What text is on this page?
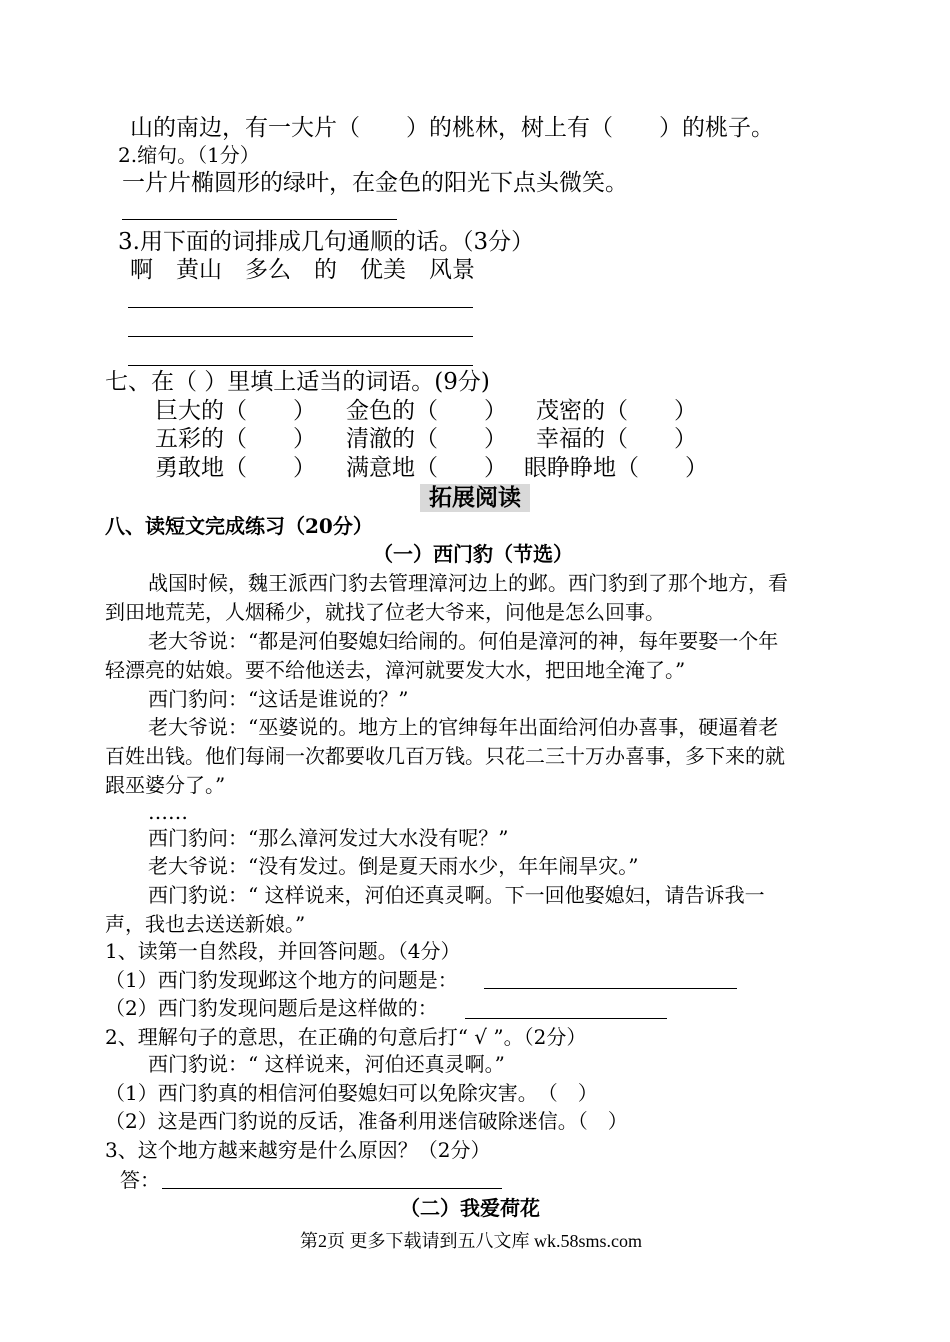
山的南边，有一大片（　　）的桃林，树上有（　　）的桃子。
2.缩句。（1分）
一片片椭圆形的绿叶，在金色的阳光下点头微笑。
3.用下面的词排成几句通顺的话。（3分）
啊　黄山　多么　的　优美　风景
七、在（ ）里填上适当的词语。(9分)
巨大的（　　） 金色的（　　） 茂密的（　　）
五彩的（　　） 清澈的（　　） 幸福的（　　）
勇敢地（　　） 满意地（　　） 眼睁睁地（　　）
拓展阅读
八、读短文完成练习（20分）
（一）西门豹（节选）
战国时候，魏王派西门豹去管理漳河边上的邺。西门豹到了那个地方，看
到田地荒芜，人烟稀少，就找了位老大爷来，问他是怎么回事。
老大爷说：“都是河伯娶媳妇给闹的。何伯是漳河的神，每年要娶一个年
轻漂亮的姑娘。要不给他送去，漳河就要发大水，把田地全淹了。”
西门豹问：“这话是谁说的？”
老大爷说：“巫婆说的。地方上的官绅每年出面给河伯办喜事，硬逼着老
百姓出钱。他们每闹一次都要收几百万钱。只花二三十万办喜事，多下来的就
跟巫婆分了。”
……
西门豹问：“那么漳河发过大水没有呢？”
老大爷说：“没有发过。倒是夏天雨水少，年年闹旱灾。”
西门豹说：“ 这样说来，河伯还真灵啊。下一回他娶媳妇，请告诉我一
声，我也去送送新娘。”
1、读第一自然段，并回答问题。（4分）
（1）西门豹发现邺这个地方的问题是：
（2）西门豹发现问题后是这样做的：
2、理解句子的意思，在正确的句意后打“ √ ”。（2分）
西门豹说：“ 这样说来，河伯还真灵啊。”
（1）西门豹真的相信河伯娶媳妇可以免除灾害。　（　）
（2）这是西门豹说的反话，准备利用迷信破除迷信。（　）
3、这个地方越来越穷是什么原因？（2分）
答：
（二）我爱荷花
第2页 更多下载请到五八文库 wk.58sms.com
